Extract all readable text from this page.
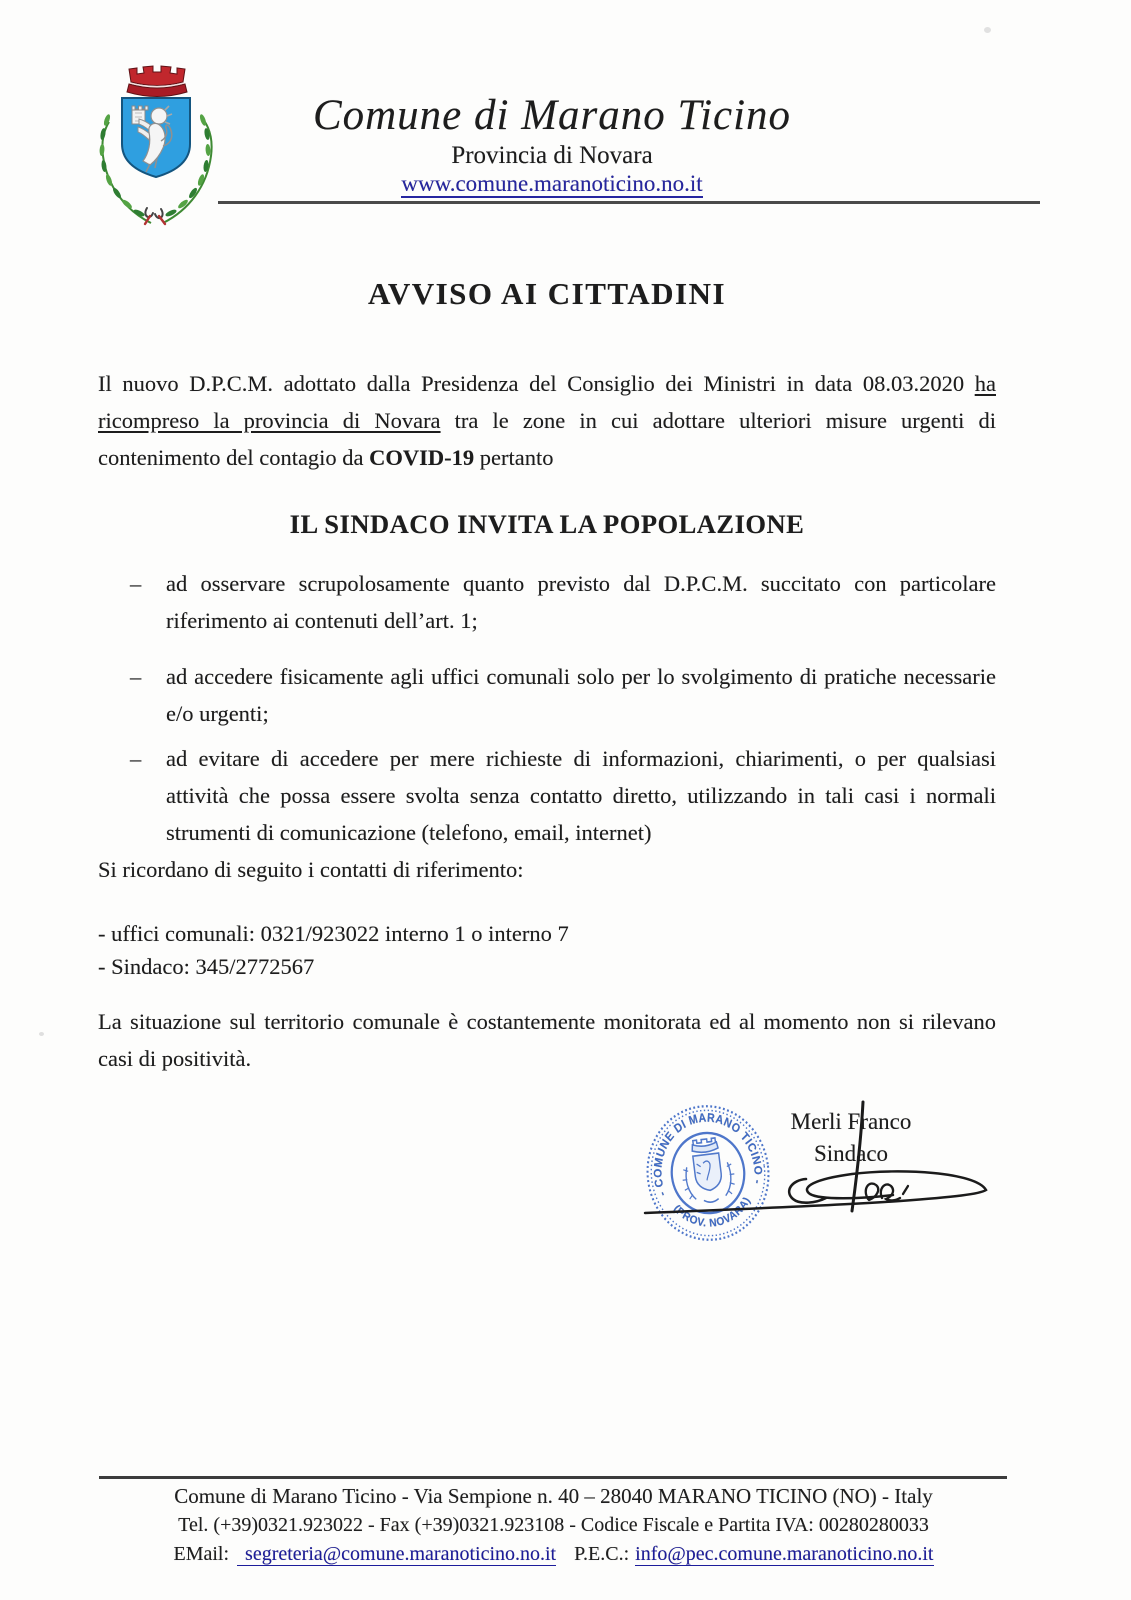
Comune di Marano Ticino
Provincia di Novara
www.comune.maranoticino.no.it
AVVISO AI CITTADINI

Il nuovo D.P.C.M. adottato dalla Presidenza del Consiglio dei Ministri in data 08.03.2020 ha ricompreso la provincia di Novara tra le zone in cui adottare ulteriori misure urgenti di contenimento del contagio da COVID-19 pertanto

IL SINDACO INVITA LA POPOLAZIONE
– ad osservare scrupolosamente quanto previsto dal D.P.C.M. succitato con particolare riferimento ai contenuti dell’art. 1;
– ad accedere fisicamente agli uffici comunali solo per lo svolgimento di pratiche necessarie e/o urgenti;
– ad evitare di accedere per mere richieste di informazioni, chiarimenti, o per qualsiasi attività che possa essere svolta senza contatto diretto, utilizzando in tali casi i normali strumenti di comunicazione (telefono, email, internet)

Si ricordano di seguito i contatti di riferimento:

- uffici comunali: 0321/923022 interno 1 o interno 7
- Sindaco: 345/2772567

La situazione sul territorio comunale è costantemente monitorata ed al momento non si rilevano casi di positività.

- COMUNE DI MARANO TICINO -
(PROV. NOVARA)
Merli Franco
Sindaco
Comune di Marano Ticino - Via Sempione n. 40 – 28040 MARANO TICINO (NO) - Italy
Tel. (+39)0321.923022 - Fax (+39)0321.923108 - Codice Fiscale e Partita IVA: 00280280033
EMail: segreteria@comune.maranoticino.no.it P.E.C.: info@pec.comune.maranoticino.no.it
